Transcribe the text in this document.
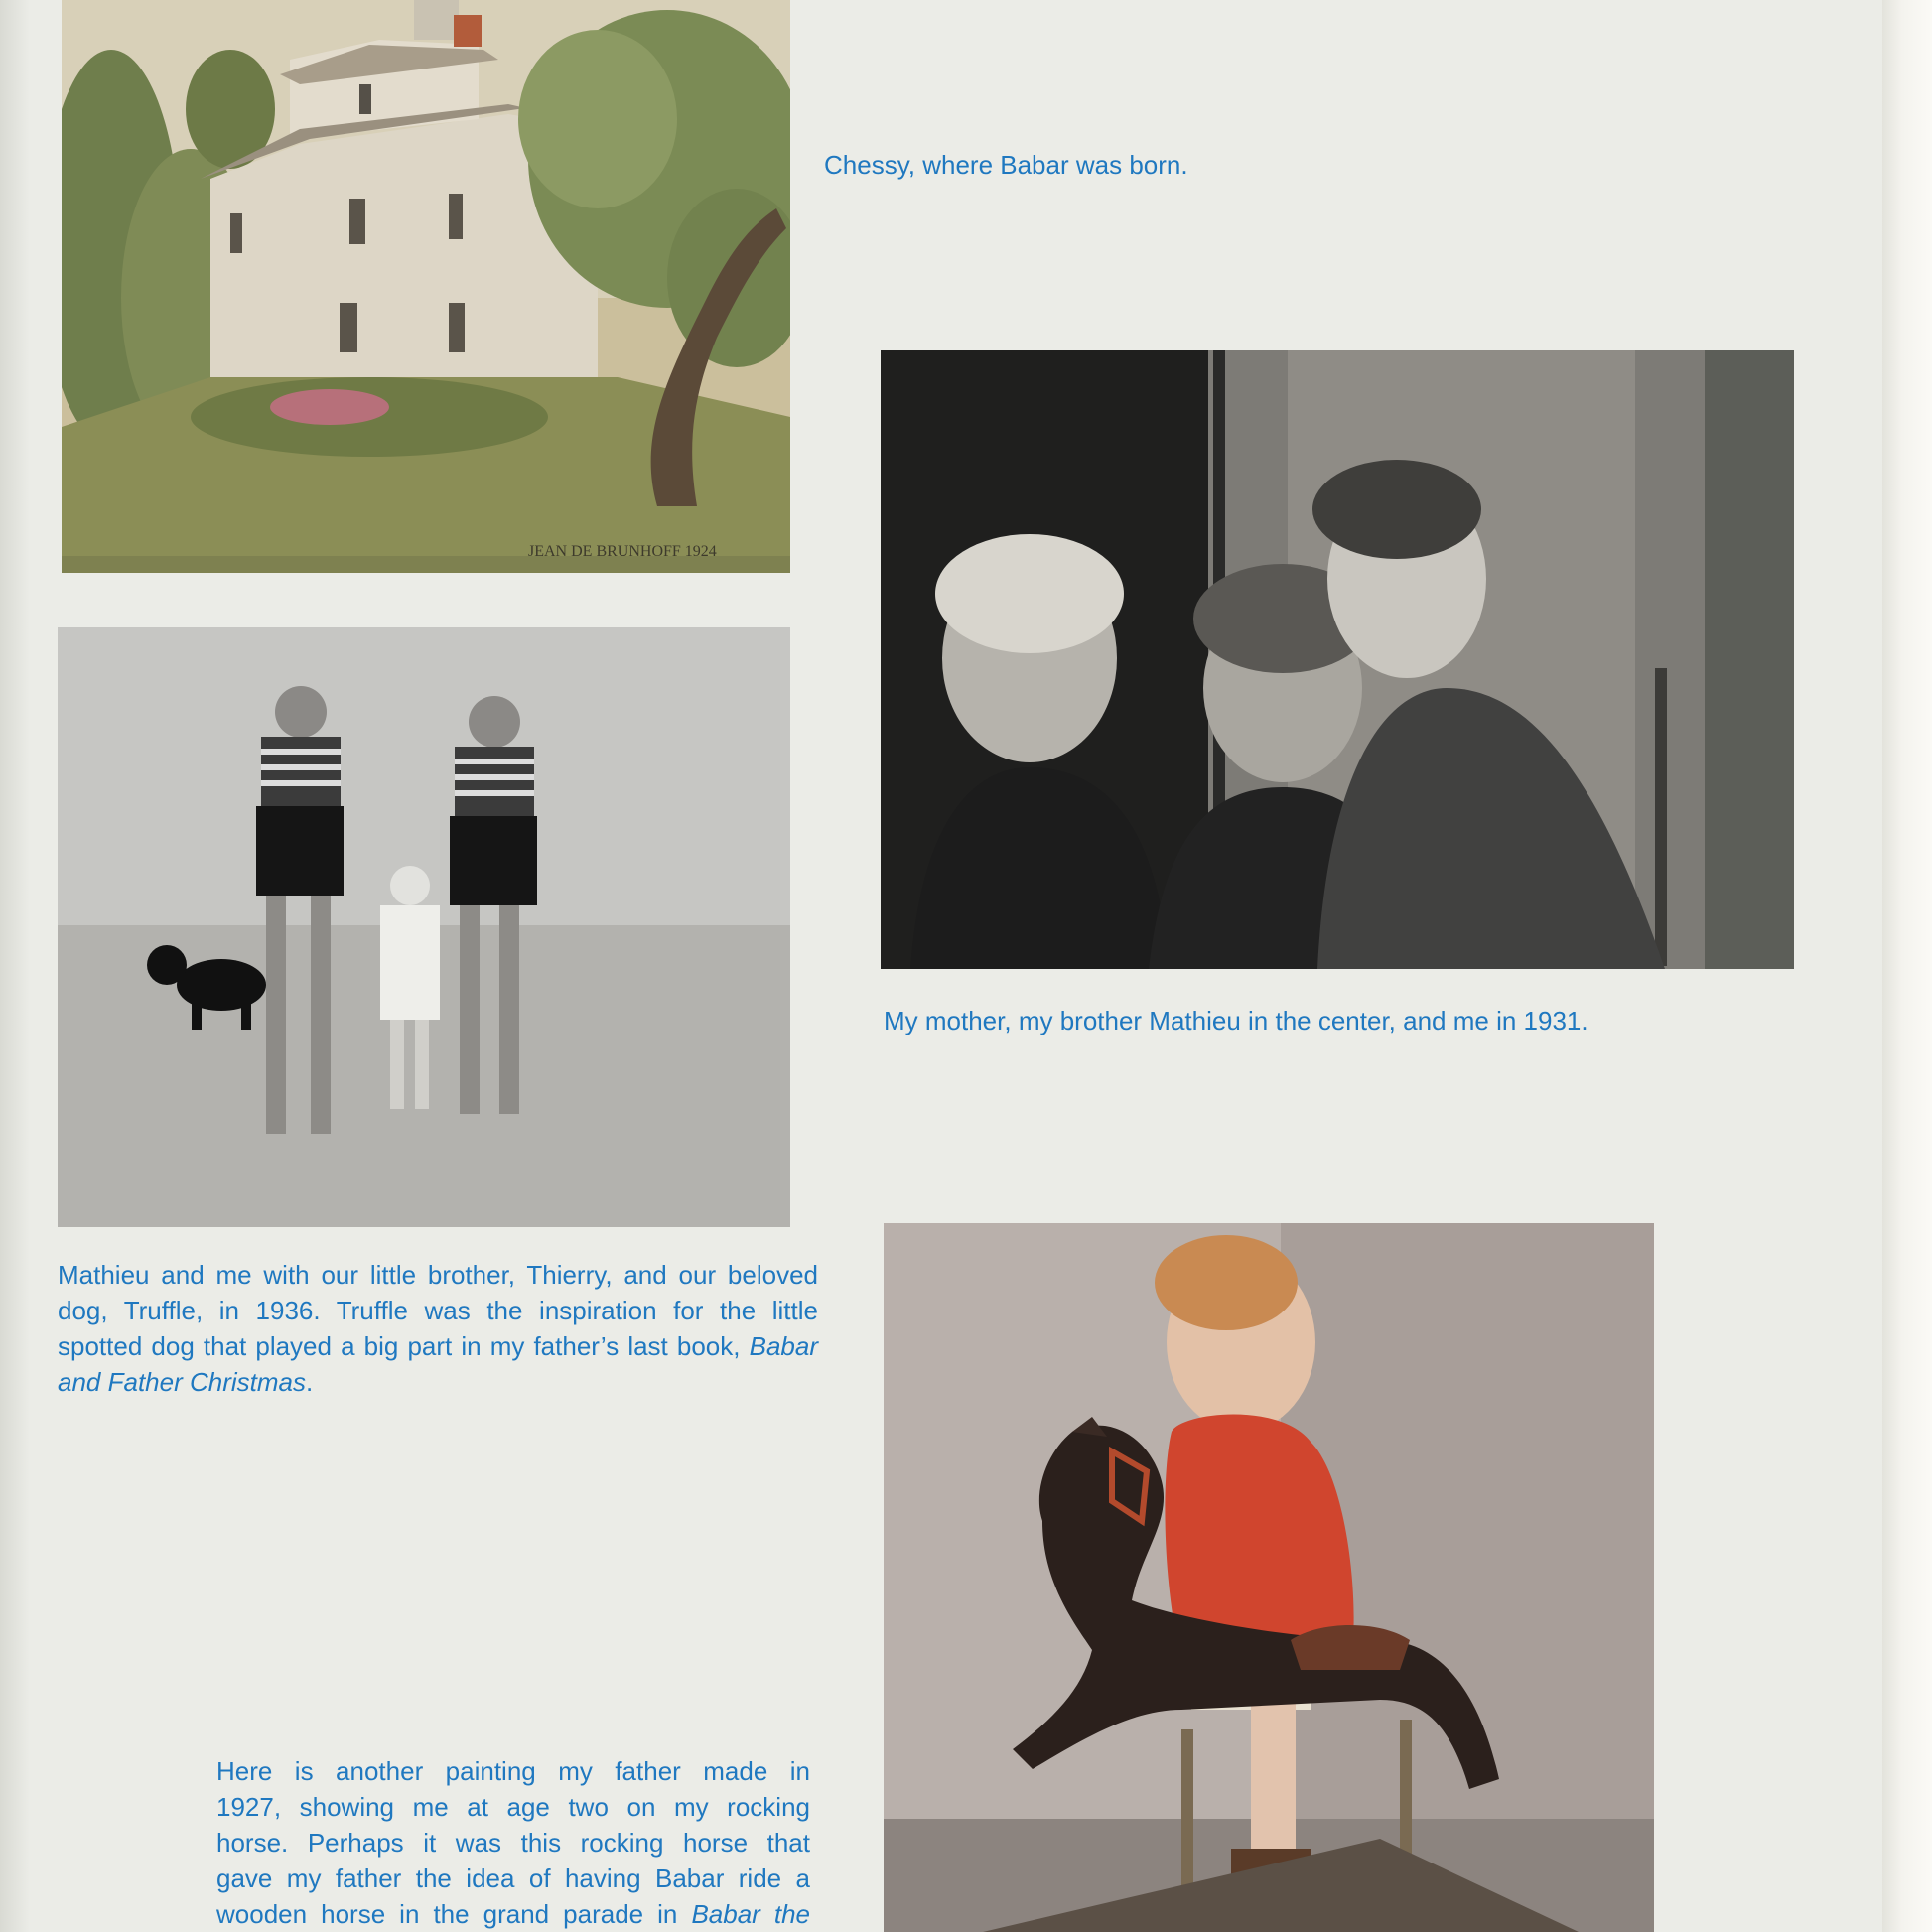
JEAN DE BRUNHOFF 1924

Chessy, where Babar was born.

My mother, my brother Mathieu in the center, and me in 1931.

Mathieu and me with our little brother, Thierry, and our beloved
dog, Truffle, in 1936. Truffle was the inspiration for the little
spotted dog that played a big part in my father’s last book, Babar
and Father Christmas.
Here is another painting my father made in
1927, showing me at age two on my rocking
horse. Perhaps it was this rocking horse that
gave my father the idea of having Babar ride a
wooden horse in the grand parade in Babar the
